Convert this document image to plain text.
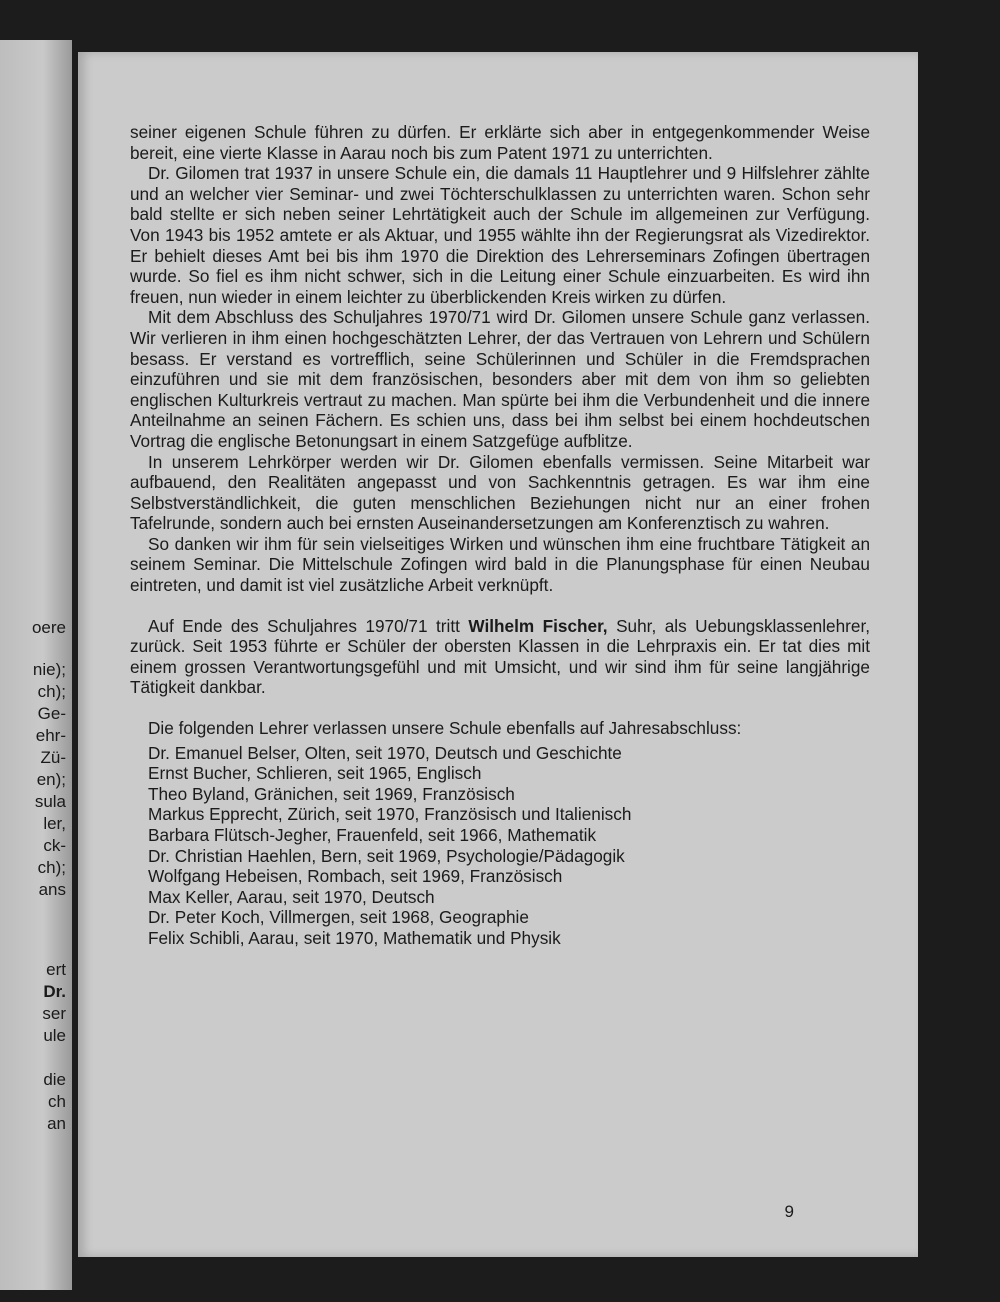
oere
nie);
ch);
Ge-
ehr-
Zü-
en);
sula
ler,
ck-
ch);
ans
ert
Dr.
ser
ule
die
ch
an

seiner eigenen Schule führen zu dürfen. Er erklärte sich aber in entgegenkommender Weise bereit, eine vierte Klasse in Aarau noch bis zum Patent 1971 zu unterrichten.

Dr. Gilomen trat 1937 in unsere Schule ein, die damals 11 Hauptlehrer und 9 Hilfslehrer zählte und an welcher vier Seminar- und zwei Töchterschulklassen zu unterrichten waren. Schon sehr bald stellte er sich neben seiner Lehrtätigkeit auch der Schule im allgemeinen zur Verfügung. Von 1943 bis 1952 amtete er als Aktuar, und 1955 wählte ihn der Regierungsrat als Vizedirektor. Er behielt dieses Amt bei bis ihm 1970 die Direktion des Lehrerseminars Zofingen übertragen wurde. So fiel es ihm nicht schwer, sich in die Leitung einer Schule einzuarbeiten. Es wird ihn freuen, nun wieder in einem leichter zu überblickenden Kreis wirken zu dürfen.

Mit dem Abschluss des Schuljahres 1970/71 wird Dr. Gilomen unsere Schule ganz verlassen. Wir verlieren in ihm einen hochgeschätzten Lehrer, der das Vertrauen von Lehrern und Schülern besass. Er verstand es vortrefflich, seine Schülerinnen und Schüler in die Fremdsprachen einzuführen und sie mit dem französischen, besonders aber mit dem von ihm so geliebten englischen Kulturkreis vertraut zu machen. Man spürte bei ihm die Verbundenheit und die innere Anteilnahme an seinen Fächern. Es schien uns, dass bei ihm selbst bei einem hochdeutschen Vortrag die englische Betonungsart in einem Satzgefüge aufblitze.

In unserem Lehrkörper werden wir Dr. Gilomen ebenfalls vermissen. Seine Mitarbeit war aufbauend, den Realitäten angepasst und von Sachkenntnis getragen. Es war ihm eine Selbstverständlichkeit, die guten menschlichen Beziehungen nicht nur an einer frohen Tafelrunde, sondern auch bei ernsten Auseinandersetzungen am Konferenztisch zu wahren.

So danken wir ihm für sein vielseitiges Wirken und wünschen ihm eine fruchtbare Tätigkeit an seinem Seminar. Die Mittelschule Zofingen wird bald in die Planungsphase für einen Neubau eintreten, und damit ist viel zusätzliche Arbeit verknüpft.

Auf Ende des Schuljahres 1970/71 tritt Wilhelm Fischer, Suhr, als Uebungsklassenlehrer, zurück. Seit 1953 führte er Schüler der obersten Klassen in die Lehrpraxis ein. Er tat dies mit einem grossen Verantwortungsgefühl und mit Umsicht, und wir sind ihm für seine langjährige Tätigkeit dankbar.

Die folgenden Lehrer verlassen unsere Schule ebenfalls auf Jahresabschluss:

Dr. Emanuel Belser, Olten, seit 1970, Deutsch und Geschichte

Ernst Bucher, Schlieren, seit 1965, Englisch

Theo Byland, Gränichen, seit 1969, Französisch

Markus Epprecht, Zürich, seit 1970, Französisch und Italienisch

Barbara Flütsch-Jegher, Frauenfeld, seit 1966, Mathematik

Dr. Christian Haehlen, Bern, seit 1969, Psychologie/Pädagogik

Wolfgang Hebeisen, Rombach, seit 1969, Französisch

Max Keller, Aarau, seit 1970, Deutsch

Dr. Peter Koch, Villmergen, seit 1968, Geographie

Felix Schibli, Aarau, seit 1970, Mathematik und Physik

9
